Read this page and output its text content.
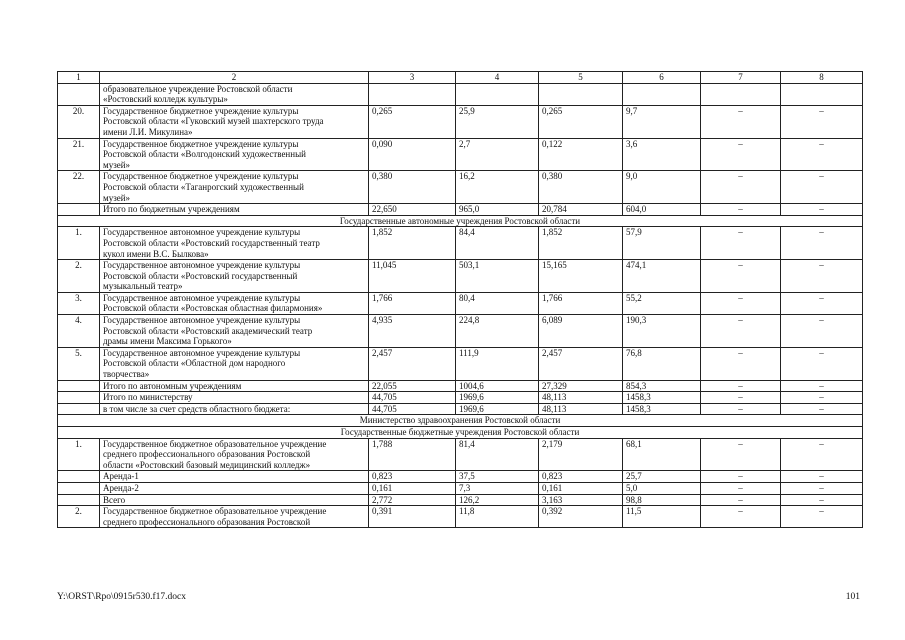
1	2	3	4	5	6	7	8

	образовательное учреждение Ростовской области
«Ростовский колледж культуры»						

20.	Государственное бюджетное учреждение культуры
Ростовской области «Гуковский музей шахтерского труда
имени Л.И. Микулина»	0,265	25,9	0,265	9,7	–	–
21.	Государственное бюджетное учреждение культуры
Ростовской области «Волгодонский художественный
музей»	0,090	2,7	0,122	3,6	–	–
22.	Государственное бюджетное учреждение культуры
Ростовской области «Таганрогский художественный
музей»	0,380	16,2	0,380	9,0	–	–

	Итого по бюджетным учреждениям	22,650	965,0	20,784	604,0	–	–
Государственные автономные учреждения Ростовской области							
1.	Государственное автономное учреждение культуры
Ростовской области «Ростовский государственный театр
кукол имени В.С. Былкова»	1,852	84,4	1,852	57,9	–	–
2.	Государственное автономное учреждение культуры
Ростовской области «Ростовский государственный
музыкальный театр»	11,045	503,1	15,165	474,1	–	–
3.	Государственное автономное учреждение культуры
Ростовской области «Ростовская областная филармония»	1,766	80,4	1,766	55,2	–	–
4.	Государственное автономное учреждение культуры
Ростовской области «Ростовский академический театр
драмы имени Максима Горького»	4,935	224,8	6,089	190,3	–	–
5.	Государственное автономное учреждение культуры
Ростовской области «Областной дом народного
творчества»	2,457	111,9	2,457	76,8	–	–

	Итого по автономным учреждениям	22,055	1004,6	27,329	854,3	–	–

	Итого по министерству	44,705	1969,6	48,113	1458,3	–	–

	в том числе за счет средств областного бюджета:	44,705	1969,6	48,113	1458,3	–	–
Министерство здравоохранения Ростовской области							
Государственные бюджетные учреждения Ростовской области							
1.	Государственное бюджетное образовательное учреждение
среднего профессионального образования Ростовской
области «Ростовский базовый медицинский колледж»	1,788	81,4	2,179	68,1	–	–

	Аренда-1	0,823	37,5	0,823	25,7	–	–

	Аренда-2	0,161	7,3	0,161	5,0	–	–

	Всего	2,772	126,2	3,163	98,8	–	–
2.	Государственное бюджетное образовательное учреждение
среднего профессионального образования Ростовской	0,391	11,8	0,392	11,5	–	–
Y:\ORST\Rpo\0915r530.f17.docx	101
